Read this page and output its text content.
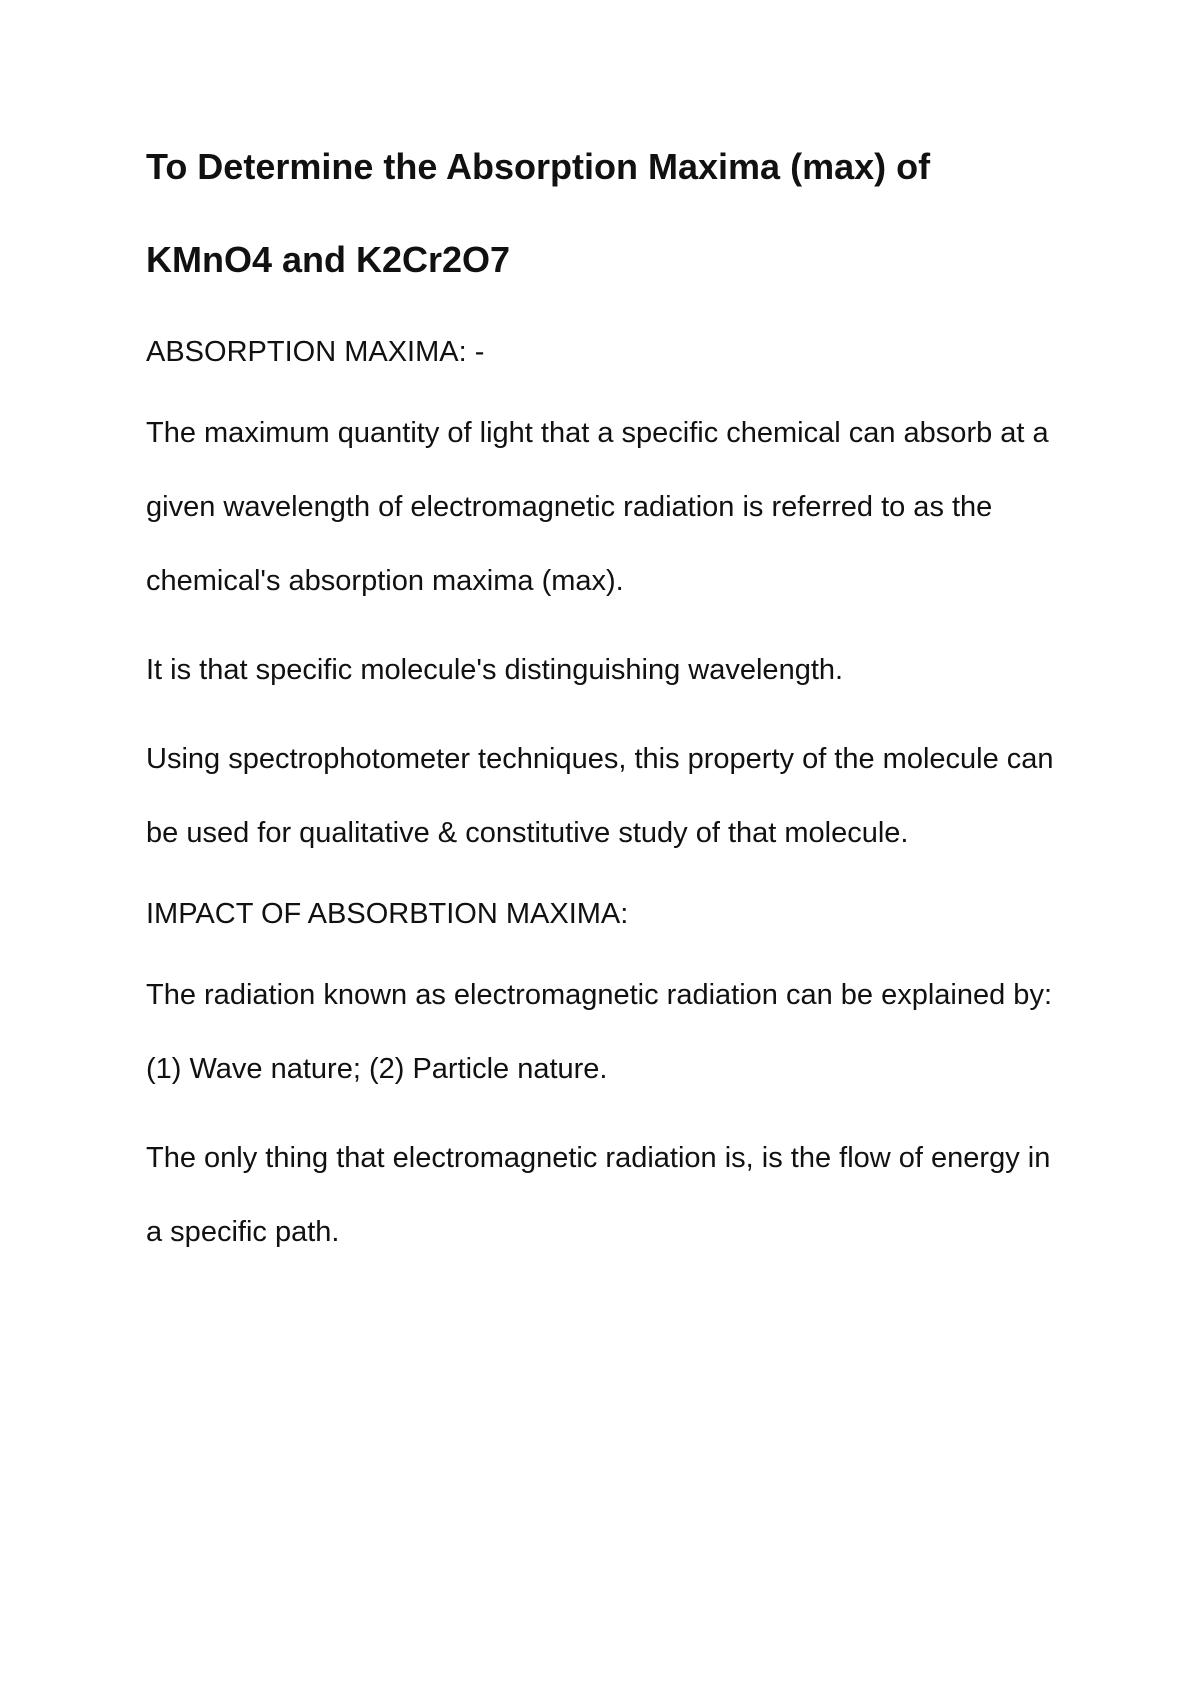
To Determine the Absorption Maxima (max) of KMnO4 and K2Cr2O7
ABSORPTION MAXIMA: -

The maximum quantity of light that a specific chemical can absorb at a given wavelength of electromagnetic radiation is referred to as the chemical's absorption maxima (max).

It is that specific molecule's distinguishing wavelength.

Using spectrophotometer techniques, this property of the molecule can be used for qualitative & constitutive study of that molecule.

IMPACT OF ABSORBTION MAXIMA:

The radiation known as electromagnetic radiation can be explained by: (1) Wave nature; (2) Particle nature.

The only thing that electromagnetic radiation is, is the flow of energy in a specific path.
